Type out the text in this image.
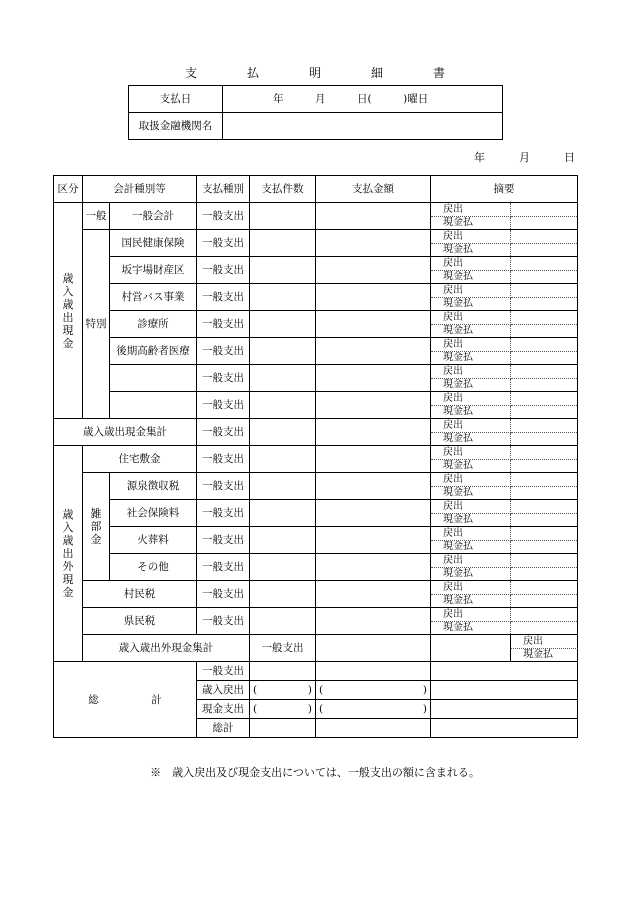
支	払	明	細	書
支払日	年　　　月　　　日(　　　)曜日
取扱金融機関名	
年	月	日
区分	会計種別等		支払種別	支払件数	支払金額	摘要		
歳入歳出現金	一般	一般会計	一般支出			戻出		
						現金払		
	特別	国民健康保険	一般支出			戻出		
						現金払		
		坂宇場財産区	一般支出			戻出		
						現金払		
		村営バス事業	一般支出			戻出		
						現金払		
		診療所	一般支出			戻出		
						現金払		
		後期高齢者医療	一般支出			戻出		
						現金払		
			一般支出			戻出		
						現金払		
			一般支出			戻出		
						現金払		
歳入歳出現金集計			一般支出			戻出		
						現金払		
歳入歳出外現金	住宅敷金		一般支出			戻出		
						現金払		
	雑部金	源泉徴収税	一般支出			戻出		
						現金払		
		社会保険料	一般支出			戻出		
						現金払		
		火葬料	一般支出			戻出		
						現金払		
		その他	一般支出			戻出		
						現金払		
	村民税		一般支出			戻出		
						現金払		
	県民税		一般支出			戻出		
						現金払		
	歳入歳出外現金集計			一般支出			戻出	
							現金払	
総　　　　　計			一般支出					
			歳入戻出	( )	( )			

			現金支出	( )	( )			

			総計					
※　歳入戻出及び現金支出については、一般支出の額に含まれる。
